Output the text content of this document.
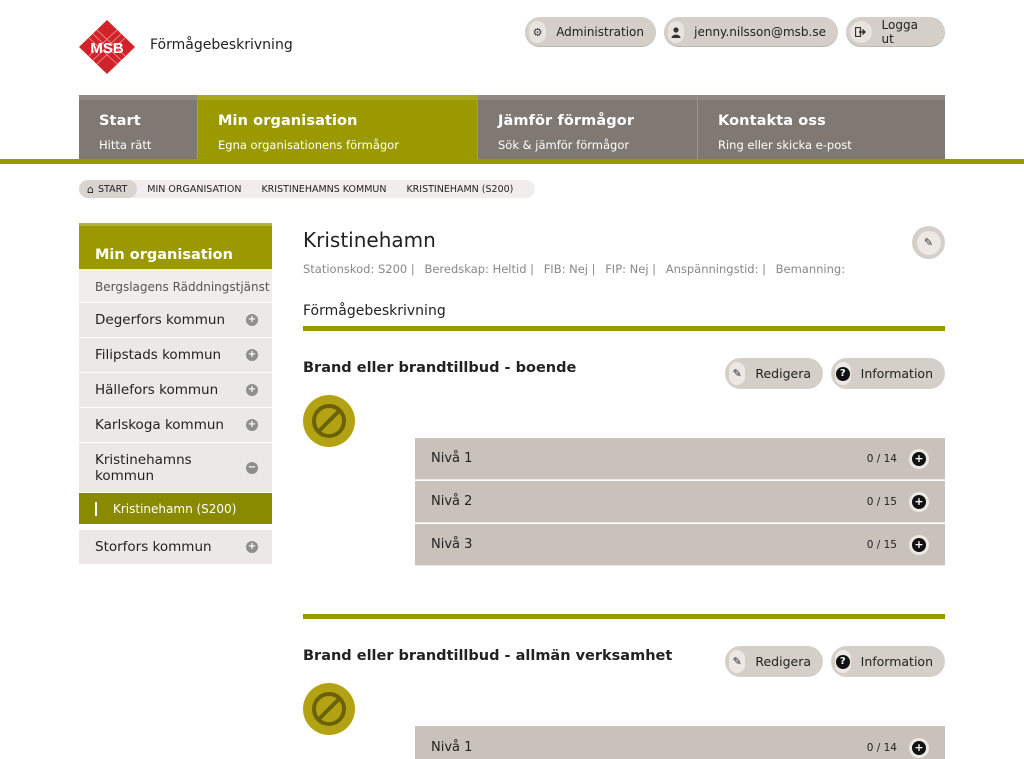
MSB Förmågebeskrivning
⚙	Administration	jenny.nilsson@msb.se	Logga ut
Start
Hitta rätt
Min organisation
Egna organisationens förmågor
Jämför förmågor
Sök & jämför förmågor
Kontakta oss
Ring eller skicka e-post
⌂ START	MIN ORGANISATION	KRISTINEHAMNS KOMMUN	KRISTINEHAMN (S200)
Min organisation
Bergslagens Räddningstjänst
Degerfors kommun +
Filipstads kommun	+
Hällefors kommun	+
Karlskoga kommun +
Kristinehamns kommun
−
Kristinehamn (S200)
Storfors kommun	+
Kristinehamn	✎
Stationskod: S200 | Beredskap: Heltid | FIB: Nej | FIP: Nej | Anspänningstid: | Bemanning:
Förmågebeskrivning
Brand eller brandtillbud - boende	✎ Redigera	?	Information
Nivå 1	0 / 14 +
Nivå 2	0 / 15 +
Nivå 3	0 / 15 +
Brand eller brandtillbud - allmän verksamhet	✎ Redigera	?	Information
Nivå 1	0 / 14 +
